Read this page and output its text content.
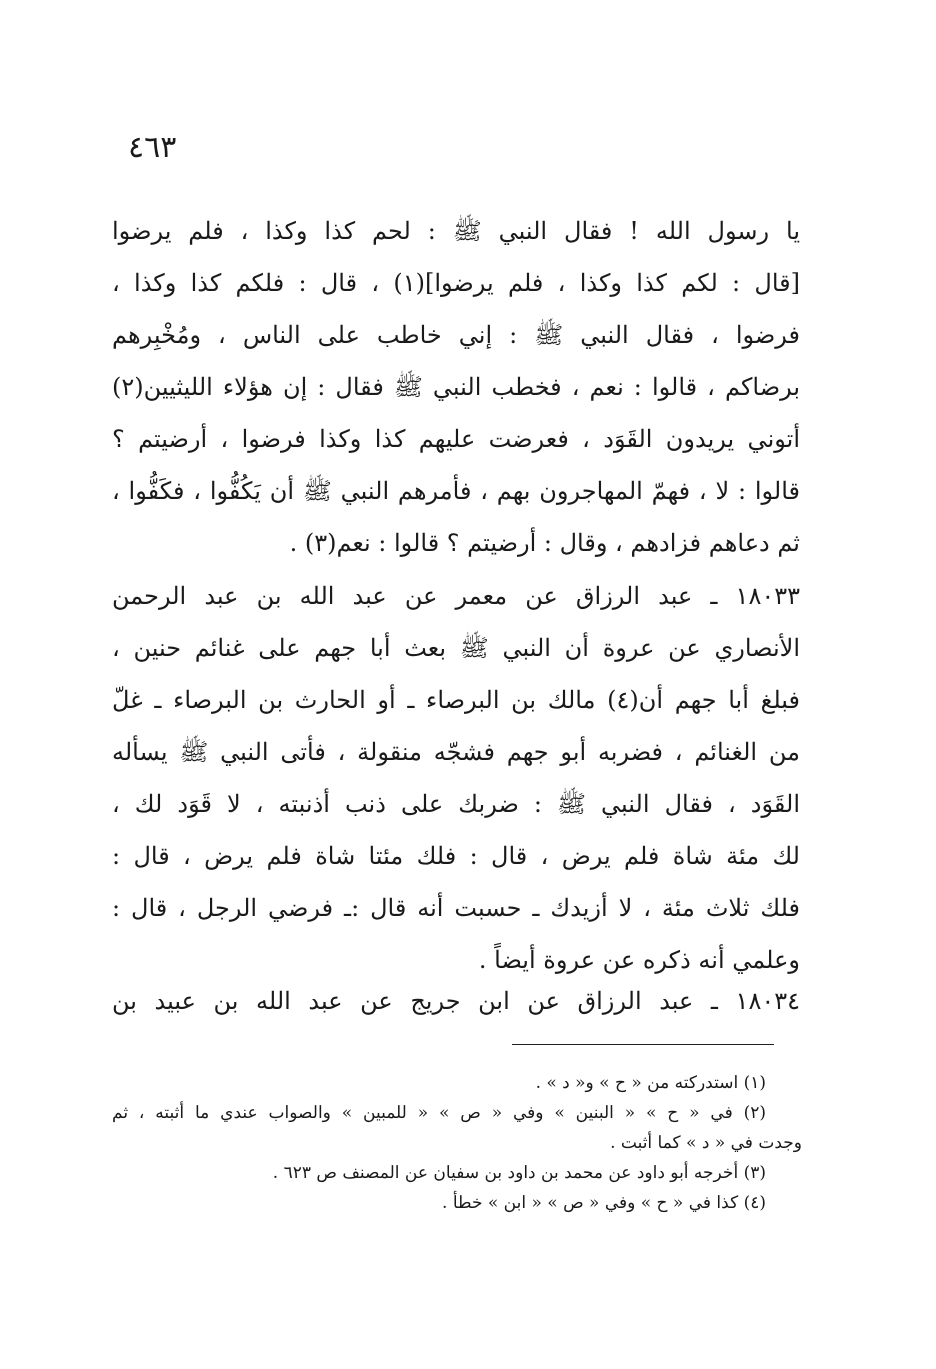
٤٦٣
يا رسول الله ! فقال النبي ﷺ : لحم كذا وكذا ، فلم يرضوا
[قال : لكم كذا وكذا ، فلم يرضوا](١) ، قال : فلكم كذا وكذا ،
فرضوا ، فقال النبي ﷺ : إني خاطب على الناس ، ومُخْبِرهم
برضاكم ، قالوا : نعم ، فخطب النبي ﷺ فقال : إن هؤلاء الليثيين(٢)
أتوني يريدون القَوَد ، فعرضت عليهم كذا وكذا فرضوا ، أرضيتم ؟
قالوا : لا ، فهمّ المهاجرون بهم ، فأمرهم النبي ﷺ أن يَكُفُّوا ، فكَفُّوا ،
ثم دعاهم فزادهم ، وقال : أرضيتم ؟ قالوا : نعم(٣) .
١٨٠٣٣ ـ عبد الرزاق عن معمر عن عبد الله بن عبد الرحمن
الأنصاري عن عروة أن النبي ﷺ بعث أبا جهم على غنائم حنين ،
فبلغ أبا جهم أن(٤) مالك بن البرصاء ـ أو الحارث بن البرصاء ـ غلّ
من الغنائم ، فضربه أبو جهم فشجّه منقولة ، فأتى النبي ﷺ يسأله
القَوَد ، فقال النبي ﷺ : ضربك على ذنب أذنبته ، لا قَوَد لك ،
لك مئة شاة فلم يرض ، قال : فلك مئتا شاة فلم يرض ، قال :
فلك ثلاث مئة ، لا أزيدك ـ حسبت أنه قال :ـ فرضي الرجل ، قال :
وعلمي أنه ذكره عن عروة أيضاً .
١٨٠٣٤ ـ عبد الرزاق عن ابن جريج عن عبد الله بن عبيد بن
(١) استدركته من « ح » و« د » .
(٢) في « ح » « البنين » وفي « ص » « للمبين » والصواب عندي ما أثبته ، ثم
وجدت في « د » كما أثبت .
(٣) أخرجه أبو داود عن محمد بن داود بن سفيان عن المصنف ص ٦٢٣ .
(٤) كذا في « ح » وفي « ص » « ابن » خطأ .
